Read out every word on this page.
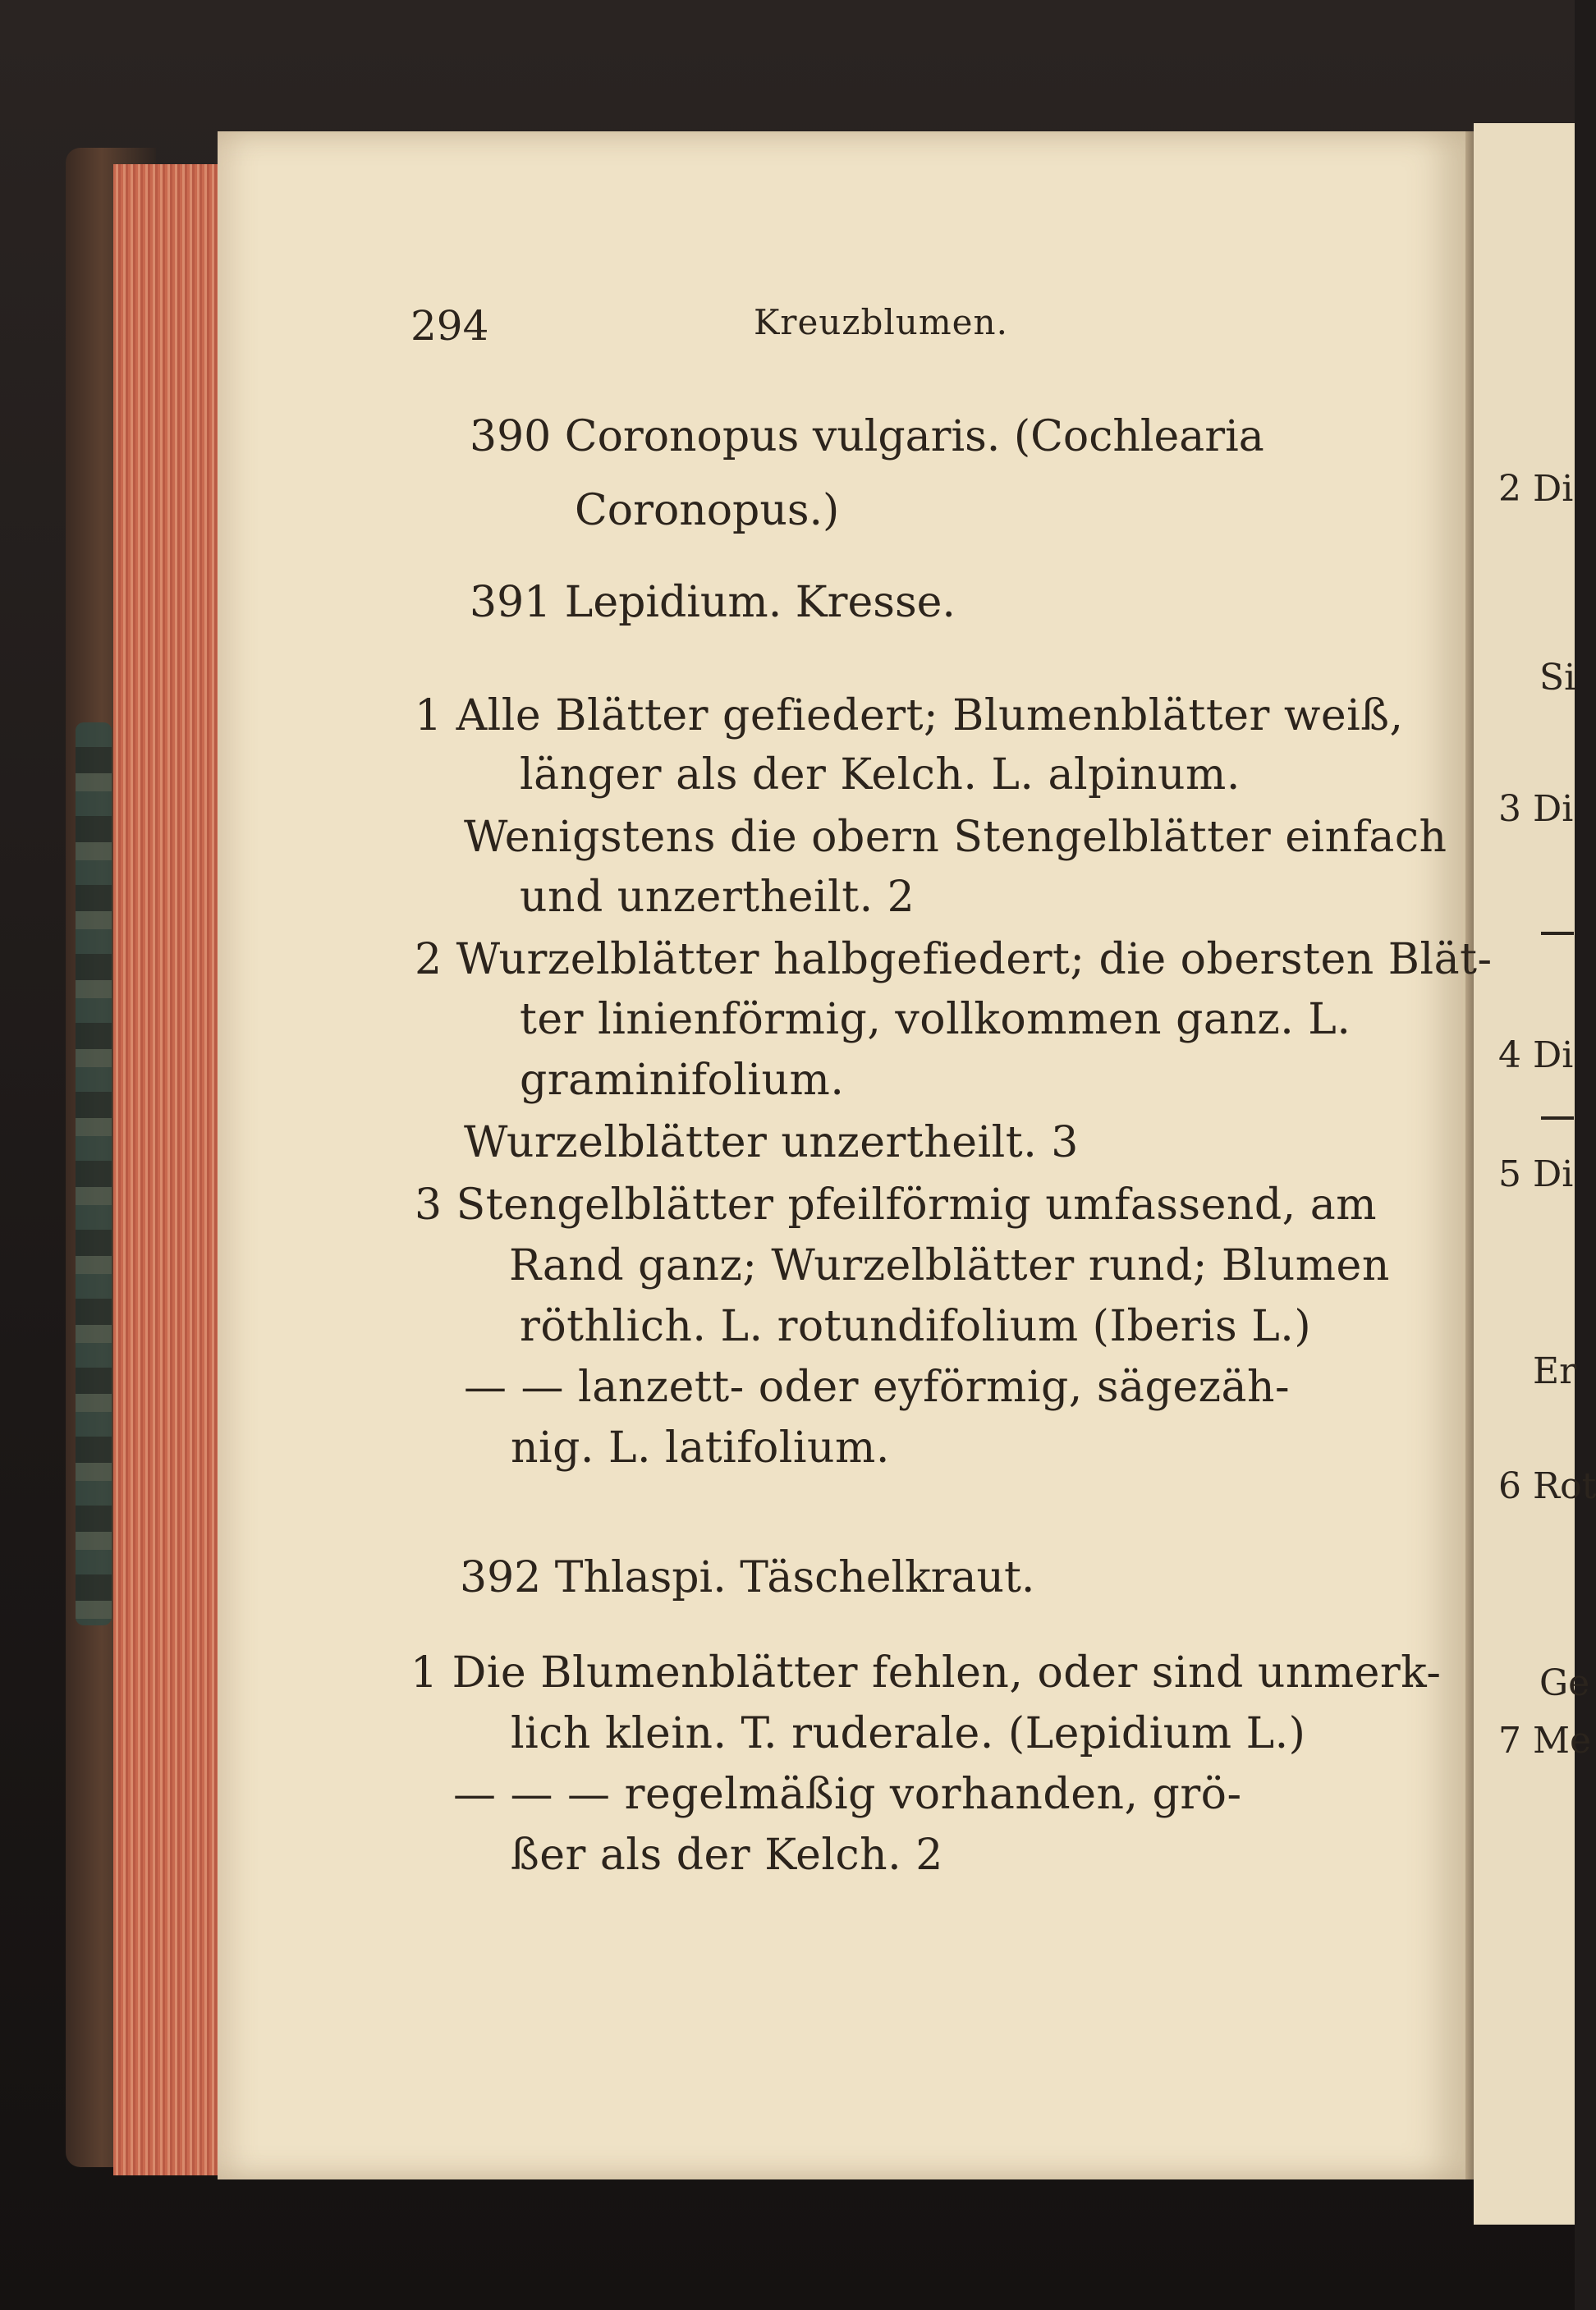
2 Di
Si
3 Di
4 Di
5 Di
Er
6 Rot
Ge
7 Me
294	Kreuzblumen.
390 Coronopus vulgaris. (Cochlearia
Coronopus.)
391 Lepidium. Kresse.
1 Alle Blätter gefiedert; Blumenblätter weiß,
länger als der Kelch. L. alpinum.
Wenigstens die obern Stengelblätter einfach
und unzertheilt. 2
2 Wurzelblätter halbgefiedert; die obersten Blät-
ter linienförmig, vollkommen ganz. L.
graminifolium.
Wurzelblätter unzertheilt. 3
3 Stengelblätter pfeilförmig umfassend, am
Rand ganz; Wurzelblätter rund; Blumen
röthlich. L. rotundifolium (Iberis L.)
— — lanzett- oder eyförmig, sägezäh-
nig. L. latifolium.
392 Thlaspi. Täschelkraut.
1 Die Blumenblätter fehlen, oder sind unmerk-
lich klein. T. ruderale. (Lepidium L.)
— — — regelmäßig vorhanden, grö-
ßer als der Kelch. 2
